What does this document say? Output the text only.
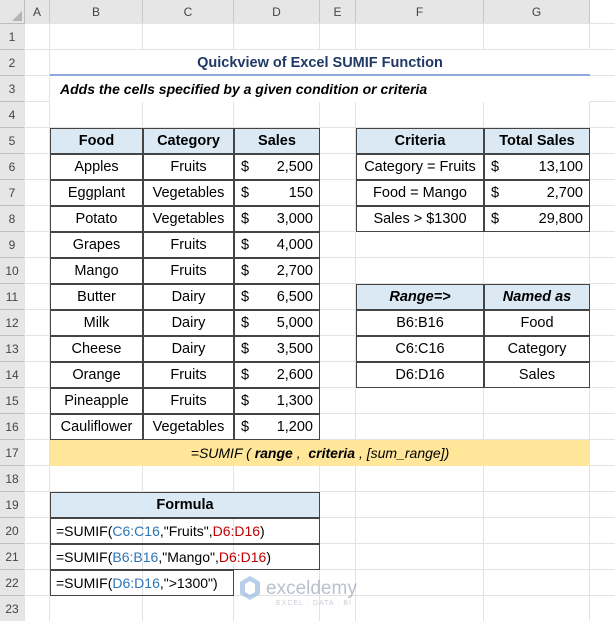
A	B	C	D	E	F	G
1
2
3
4
5
6
7
8
9
10
11
12
13
14
15
16
17
18
19
20
21
22
23
Quickview of Excel SUMIF Function
Adds the cells specified by a given condition or criteria
Food	Category	Sales
Apples	Fruits	$ 2,500
Eggplant	Vegetables	$	150
Potato	Vegetables	$ 3,000
Grapes	Fruits	$ 4,000
Mango	Fruits	$ 2,700
Butter	Dairy	$ 6,500
Milk	Dairy	$ 5,000
Cheese	Dairy	$ 3,500
Orange	Fruits	$ 2,600
Pineapple	Fruits	$ 1,300
Cauliflower	Vegetables	$ 1,200
Criteria	Total Sales
Category = Fruits	$	13,100
Food = Mango	$	2,700
Sales > $1300	$	29,800
Range=>	Named as
B6:B16	Food
C6:C16	Category
D6:D16	Sales
=SUMIF ( range , criteria , [sum_range])
Formula
=SUMIF( C6:C16 ,"Fruits", D6:D16 )
=SUMIF( B6:B16 ,"Mango", D6:D16 )
=SUMIF( D6:D16 ,">1300")	exceldemy
EXCEL · DATA · BI
